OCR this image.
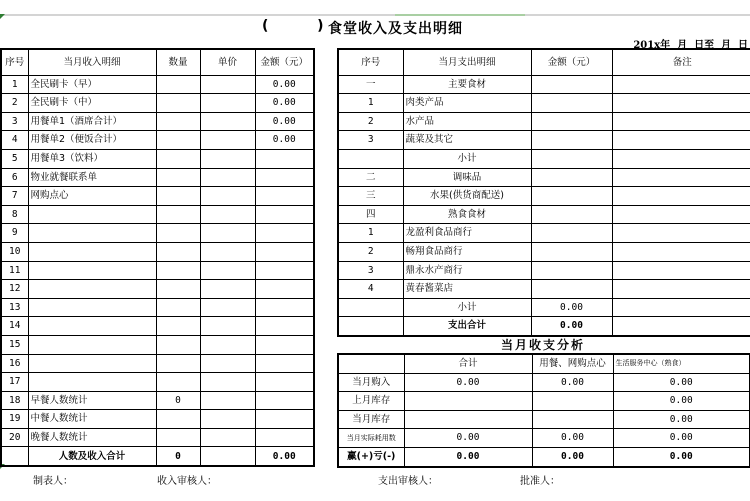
(          )

食堂收入及支出明细

201x年  月  日至  月  日
序号	当月收入明细	数量	单价	金额（元）
1	全民刷卡（早）			0.00
2	全民刷卡（中）			0.00
3	用餐单1（酒席合计）			0.00
4	用餐单2（便饭合计）			0.00
5	用餐单3（饮料）			
6	物业就餐联系单			
7	网购点心			
8				
9				
10				
11				
12				
13				
14				
15				
16				
17				
18	早餐人数统计	0		
19	中餐人数统计			
20	晚餐人数统计			
	人数及收入合计	0		0.00
序号	当月支出明细	金额（元）	备注
一	主要食材		
1	肉类产品		
2	水产品		
3	蔬菜及其它		
	小计		
二	调味品		
三	水果(供货商配送)		
四	熟食食材		
1	龙盈利食品商行		
2	畅翔食品商行		
3	鼎永水产商行		
4	黄春酱菜店		
	小计	0.00	
	支出合计	0.00	
当月收支分析
	合计	用餐、网购点心	生活服务中心（熟食）
当月购入	0.00	0.00	0.00
上月库存			0.00
当月库存			0.00
当月实际耗用数	0.00	0.00	0.00
赢(+)亏(-)	0.00	0.00	0.00
制表人：	收入审核人：	支出审核人：	批准人：
